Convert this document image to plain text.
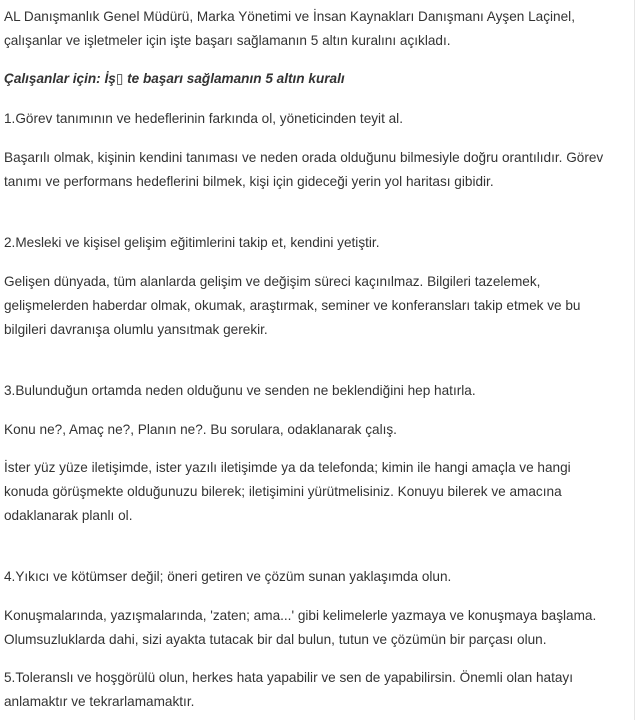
AL Danışmanlık Genel Müdürü, Marka Yönetimi ve İnsan Kaynakları Danışmanı Ayşen Laçinel,
çalışanlar ve işletmeler için işte başarı sağlamanın 5 altın kuralını açıkladı.
Çalışanlar için: İş▯ te başarı sağlamanın 5 altın kuralı
1.Görev tanımının ve hedeflerinin farkında ol, yöneticinden teyit al.
Başarılı olmak, kişinin kendini tanıması ve neden orada olduğunu bilmesiyle doğru orantılıdır. Görev
tanımı ve performans hedeflerini bilmek, kişi için gideceği yerin yol haritası gibidir.
2.Mesleki ve kişisel gelişim eğitimlerini takip et, kendini yetiştir.
Gelişen dünyada, tüm alanlarda gelişim ve değişim süreci kaçınılmaz. Bilgileri tazelemek,
gelişmelerden haberdar olmak, okumak, araştırmak, seminer ve konferansları takip etmek ve bu
bilgileri davranışa olumlu yansıtmak gerekir.
3.Bulunduğun ortamda neden olduğunu ve senden ne beklendiğini hep hatırla.
Konu ne?, Amaç ne?, Planın ne?. Bu sorulara, odaklanarak çalış.
İster yüz yüze iletişimde, ister yazılı iletişimde ya da telefonda; kimin ile hangi amaçla ve hangi
konuda görüşmekte olduğunuzu bilerek; iletişimini yürütmelisiniz. Konuyu bilerek ve amacına
odaklanarak planlı ol.
4.Yıkıcı ve kötümser değil; öneri getiren ve çözüm sunan yaklaşımda olun.
Konuşmalarında, yazışmalarında, 'zaten; ama...' gibi kelimelerle yazmaya ve konuşmaya başlama.
Olumsuzluklarda dahi, sizi ayakta tutacak bir dal bulun, tutun ve çözümün bir parçası olun.
5.Toleranslı ve hoşgörülü olun, herkes hata yapabilir ve sen de yapabilirsin. Önemli olan hatayı
anlamaktır ve tekrarlamamaktır.
